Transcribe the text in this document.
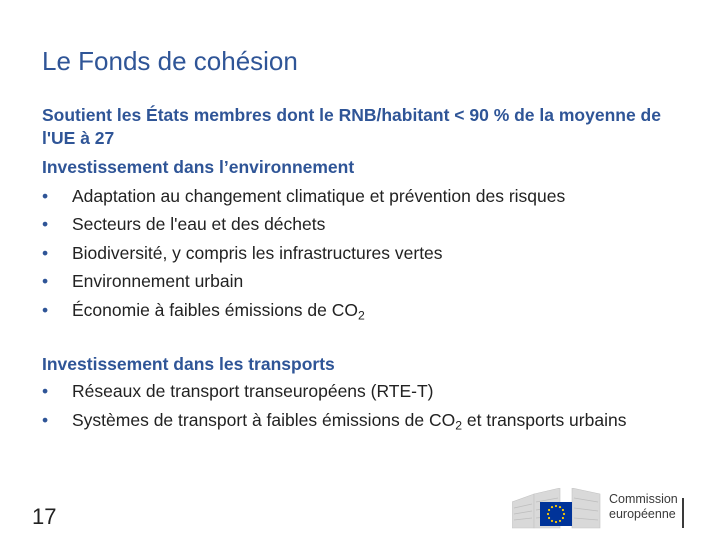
Le Fonds de cohésion
Soutient les États membres dont le RNB/habitant < 90 % de la moyenne de l'UE à 27
Investissement dans l’environnement
• Adaptation au changement climatique et prévention des risques
• Secteurs de l'eau et des déchets
• Biodiversité, y compris les infrastructures vertes
• Environnement urbain
• Économie à faibles émissions de $CO_2$
Investissement dans les transports
• Réseaux de transport transeuropéens (RTE-T)
• Systèmes de transport à faibles émissions de $CO_2$ et transports urbains
17
Commission
européenne
